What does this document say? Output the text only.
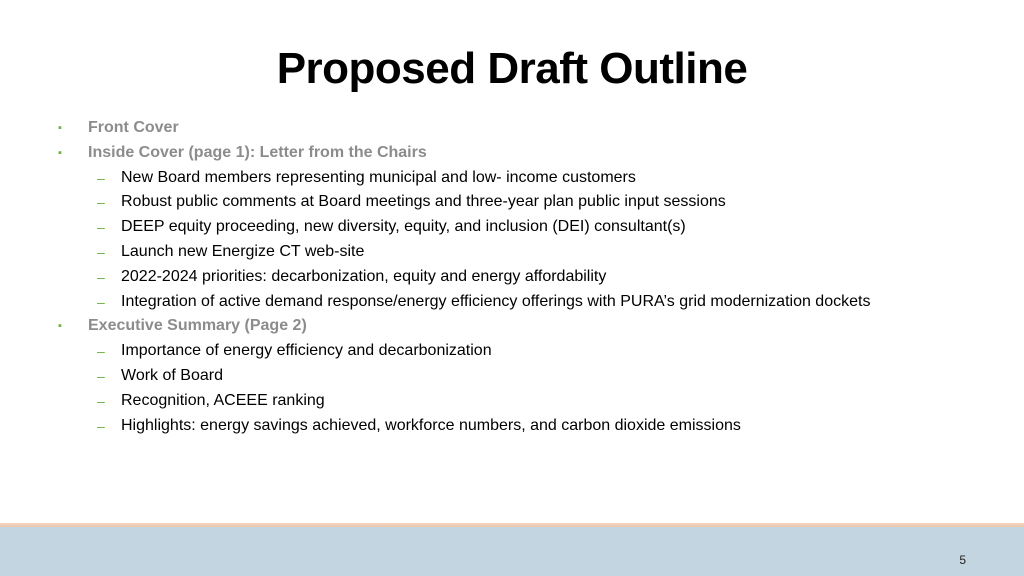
Proposed Draft Outline
▪ Front Cover
▪ Inside Cover (page 1): Letter from the Chairs
– New Board members representing municipal and low- income customers
– Robust public comments at Board meetings and three-year plan public input sessions
– DEEP equity proceeding, new diversity, equity, and inclusion (DEI) consultant(s)
– Launch new Energize CT web-site
– 2022-2024 priorities: decarbonization, equity and energy affordability
– Integration of active demand response/energy efficiency offerings with PURA’s grid modernization dockets
▪ Executive Summary (Page 2)
– Importance of energy efficiency and decarbonization
– Work of Board
– Recognition, ACEEE ranking
– Highlights: energy savings achieved, workforce numbers, and carbon dioxide emissions
5
